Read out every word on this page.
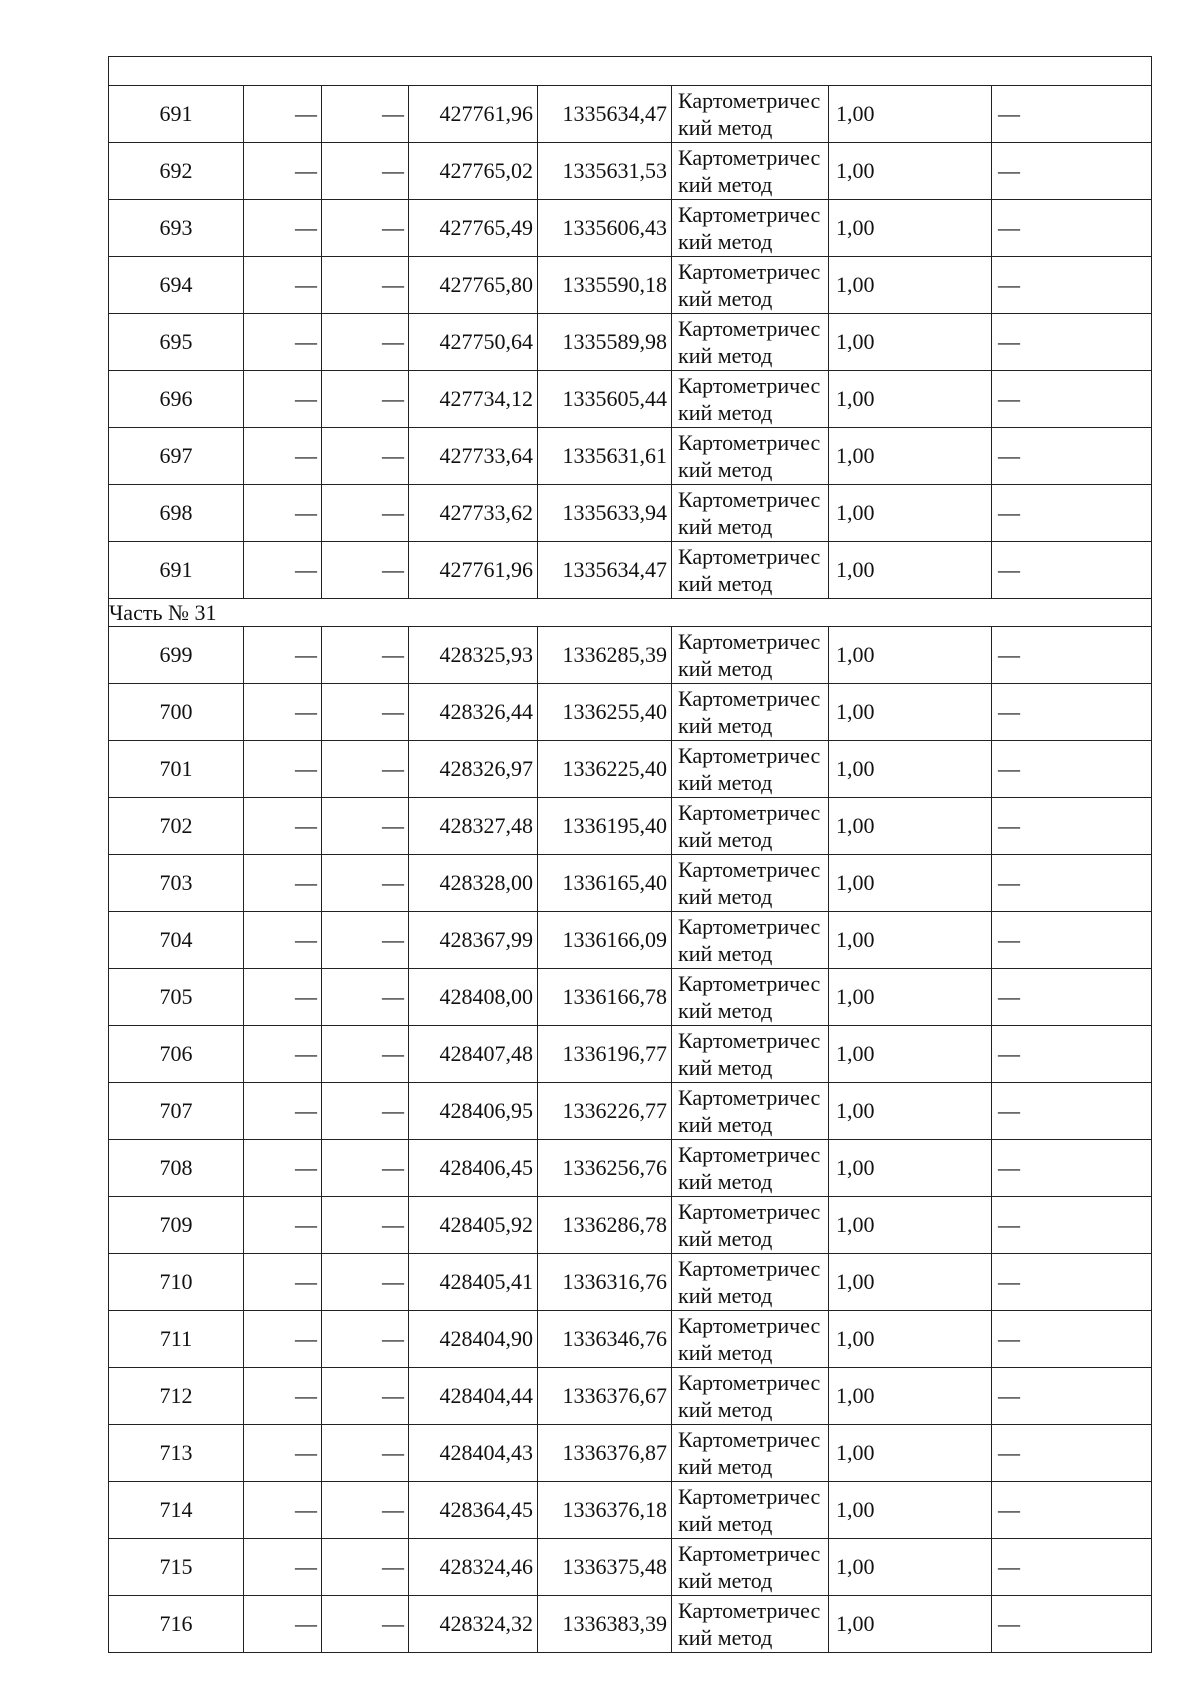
691	—	—	427761,96	1335634,47	Картометрический метод	1,00	—
692	—	—	427765,02	1335631,53	Картометрический метод	1,00	—
693	—	—	427765,49	1335606,43	Картометрический метод	1,00	—
694	—	—	427765,80	1335590,18	Картометрический метод	1,00	—
695	—	—	427750,64	1335589,98	Картометрический метод	1,00	—
696	—	—	427734,12	1335605,44	Картометрический метод	1,00	—
697	—	—	427733,64	1335631,61	Картометрический метод	1,00	—
698	—	—	427733,62	1335633,94	Картометрический метод	1,00	—
691	—	—	427761,96	1335634,47	Картометрический метод	1,00	—
Часть № 31							
699	—	—	428325,93	1336285,39	Картометрический метод	1,00	—
700	—	—	428326,44	1336255,40	Картометрический метод	1,00	—
701	—	—	428326,97	1336225,40	Картометрический метод	1,00	—
702	—	—	428327,48	1336195,40	Картометрический метод	1,00	—
703	—	—	428328,00	1336165,40	Картометрический метод	1,00	—
704	—	—	428367,99	1336166,09	Картометрический метод	1,00	—
705	—	—	428408,00	1336166,78	Картометрический метод	1,00	—
706	—	—	428407,48	1336196,77	Картометрический метод	1,00	—
707	—	—	428406,95	1336226,77	Картометрический метод	1,00	—
708	—	—	428406,45	1336256,76	Картометрический метод	1,00	—
709	—	—	428405,92	1336286,78	Картометрический метод	1,00	—
710	—	—	428405,41	1336316,76	Картометрический метод	1,00	—
711	—	—	428404,90	1336346,76	Картометрический метод	1,00	—
712	—	—	428404,44	1336376,67	Картометрический метод	1,00	—
713	—	—	428404,43	1336376,87	Картометрический метод	1,00	—
714	—	—	428364,45	1336376,18	Картометрический метод	1,00	—
715	—	—	428324,46	1336375,48	Картометрический метод	1,00	—
716	—	—	428324,32	1336383,39	Картометрический метод	1,00	—
